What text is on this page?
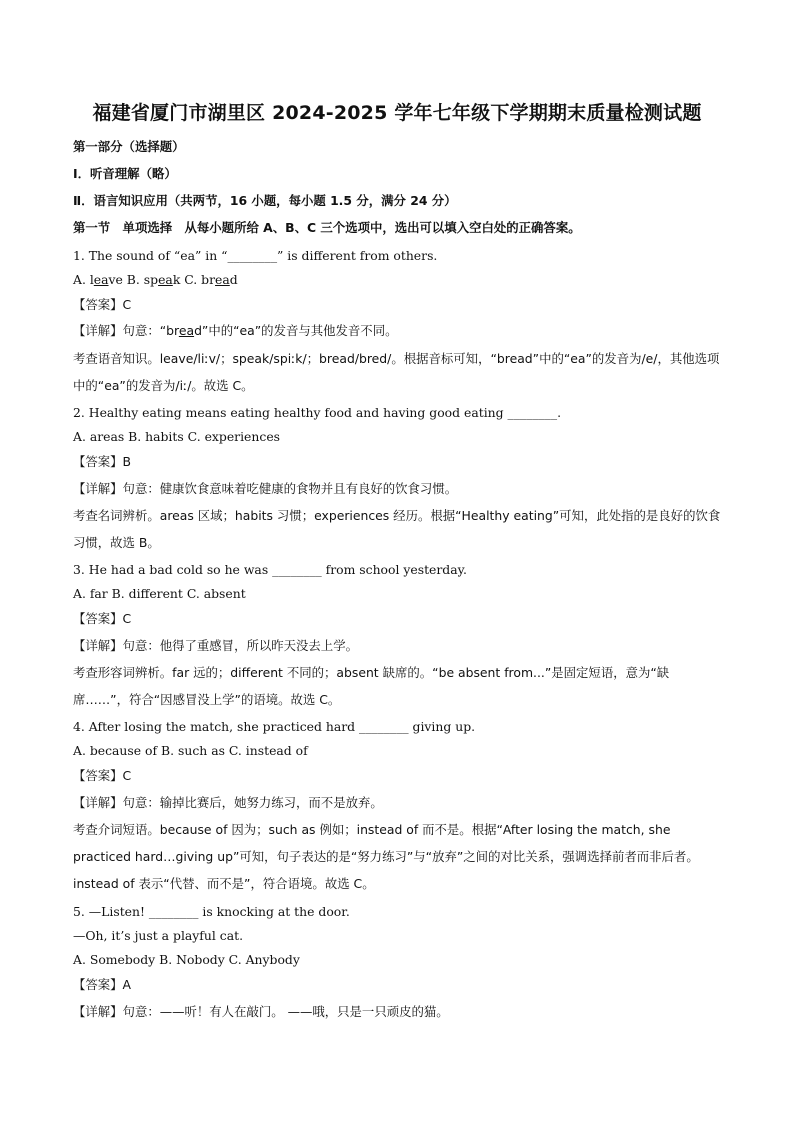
福建省厦门市湖里区 2024-2025 学年七年级下学期期末质量检测试题
第一部分（选择题）
Ⅰ．听音理解（略）
Ⅱ．语言知识应用（共两节，16 小题，每小题 1.5 分，满分 24 分）
第一节　单项选择　从每小题所给 A、B、C 三个选项中，选出可以填入空白处的正确答案。
1. The sound of “ea” in “________” is different from others.
A. leave B. speak C. bread
【答案】C
【详解】句意：“bread”中的“ea”的发音与其他发音不同。
考查语音知识。leave/liːv/；speak/spiːk/；bread/bred/。根据音标可知，“bread”中的“ea”的发音为/e/，其他选项中的“ea”的发音为/iː/。故选 C。
2. Healthy eating means eating healthy food and having good eating ________.
A. areas B. habits C. experiences
【答案】B
【详解】句意：健康饮食意味着吃健康的食物并且有良好的饮食习惯。
考查名词辨析。areas 区域；habits 习惯；experiences 经历。根据“Healthy eating”可知，此处指的是良好的饮食习惯，故选 B。
3. He had a bad cold so he was ________ from school yesterday.
A. far B. different C. absent
【答案】C
【详解】句意：他得了重感冒，所以昨天没去上学。
考查形容词辨析。far 远的；different 不同的；absent 缺席的。“be absent from...”是固定短语，意为“缺席……”，符合“因感冒没上学”的语境。故选 C。
4. After losing the match, she practiced hard ________ giving up.
A. because of B. such as C. instead of
【答案】C
【详解】句意：输掉比赛后，她努力练习，而不是放弃。
考查介词短语。because of 因为；such as 例如；instead of 而不是。根据“After losing the match, she practiced hard…giving up”可知，句子表达的是“努力练习”与“放弃”之间的对比关系，强调选择前者而非后者。instead of 表示“代替、而不是”，符合语境。故选 C。
5. —Listen! ________ is knocking at the door.
—Oh, it’s just a playful cat.
A. Somebody B. Nobody C. Anybody
【答案】A
【详解】句意：——听！有人在敲门。 ——哦，只是一只顽皮的猫。
